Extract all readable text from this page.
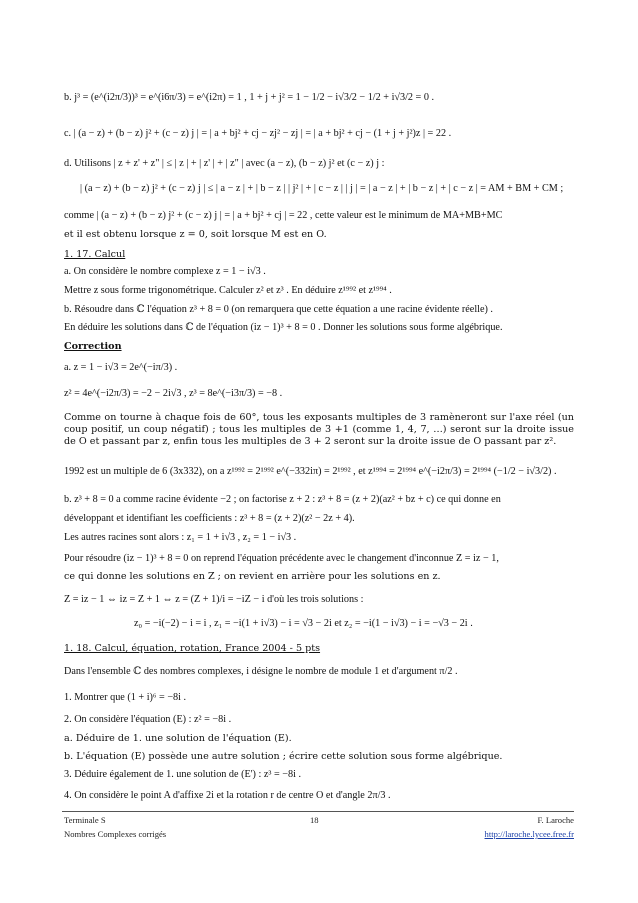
b. j³ = (e^(i2π/3))³ = e^(i6π/3) = e^(i2π) = 1 , 1 + j + j² = 1 − 1/2 − i√3/2 − 1/2 + i√3/2 = 0 .
c. | (a − z) + (b − z) j² + (c − z) j | = | a + bj² + cj − zj² − zj | = | a + bj² + cj − (1 + j + j²)z | = 22 .
d. Utilisons | z + z' + z" | ≤ | z | + | z' | + | z" | avec (a − z), (b − z) j² et (c − z) j :
| (a − z) + (b − z) j² + (c − z) j | ≤ | a − z | + | b − z | | j² | + | c − z | | j | = | a − z | + | b − z | + | c − z | = AM + BM + CM ;
comme | (a − z) + (b − z) j² + (c − z) j | = | a + bj² + cj | = 22 , cette valeur est le minimum de MA+MB+MC
et il est obtenu lorsque z = 0, soit lorsque M est en O.
1. 17. Calcul
a. On considère le nombre complexe z = 1 − i√3 .
Mettre z sous forme trigonométrique. Calculer z² et z³ . En déduire z¹⁹⁹² et z¹⁹⁹⁴ .
b. Résoudre dans ℂ l'équation z³ + 8 = 0 (on remarquera que cette équation a une racine évidente réelle) .
En déduire les solutions dans ℂ de l'équation (iz − 1)³ + 8 = 0 . Donner les solutions sous forme algébrique.
Correction
a. z = 1 − i√3 = 2e^(−iπ/3) .
z² = 4e^(−i2π/3) = −2 − 2i√3 , z³ = 8e^(−i3π/3) = −8 .
Comme on tourne à chaque fois de 60°, tous les exposants multiples de 3 ramèneront sur l'axe réel (un coup positif, un coup négatif) ; tous les multiples de 3 +1 (comme 1, 4, 7, …) seront sur la droite issue de O et passant par z, enfin tous les multiples de 3 + 2 seront sur la droite issue de O passant par z².
1992 est un multiple de 6 (3x332), on a z¹⁹⁹² = 2¹⁹⁹² e^(−332iπ) = 2¹⁹⁹² , et z¹⁹⁹⁴ = 2¹⁹⁹⁴ e^(−i2π/3) = 2¹⁹⁹⁴ (−1/2 − i√3/2) .
b. z³ + 8 = 0 a comme racine évidente −2 ; on factorise z + 2 : z³ + 8 = (z + 2)(az² + bz + c) ce qui donne en
développant et identifiant les coefficients : z³ + 8 = (z + 2)(z² − 2z + 4).
Les autres racines sont alors : z₁ = 1 + i√3 , z₂ = 1 − i√3 .
Pour résoudre (iz − 1)³ + 8 = 0 on reprend l'équation précédente avec le changement d'inconnue Z = iz − 1,
ce qui donne les solutions en Z ; on revient en arrière pour les solutions en z.
Z = iz − 1 ⇔ iz = Z + 1 ⇔ z = (Z + 1)/i = −iZ − i d'où les trois solutions :
z₀ = −i(−2) − i = i , z₁ = −i(1 + i√3) − i = √3 − 2i et z₂ = −i(1 − i√3) − i = −√3 − 2i .
1. 18. Calcul, équation, rotation, France 2004 - 5 pts
Dans l'ensemble ℂ des nombres complexes, i désigne le nombre de module 1 et d'argument π/2 .
1. Montrer que (1 + i)⁶ = −8i .
2. On considère l'équation (E) : z² = −8i .
a. Déduire de 1. une solution de l'équation (E).
b. L'équation (E) possède une autre solution ; écrire cette solution sous forme algébrique.
3. Déduire également de 1. une solution de (E') : z³ = −8i .
4. On considère le point A d'affixe 2i et la rotation r de centre O et d'angle 2π/3 .
Terminale S
Nombres Complexes corrigés
18	F. Laroche
http://laroche.lycee.free.fr
